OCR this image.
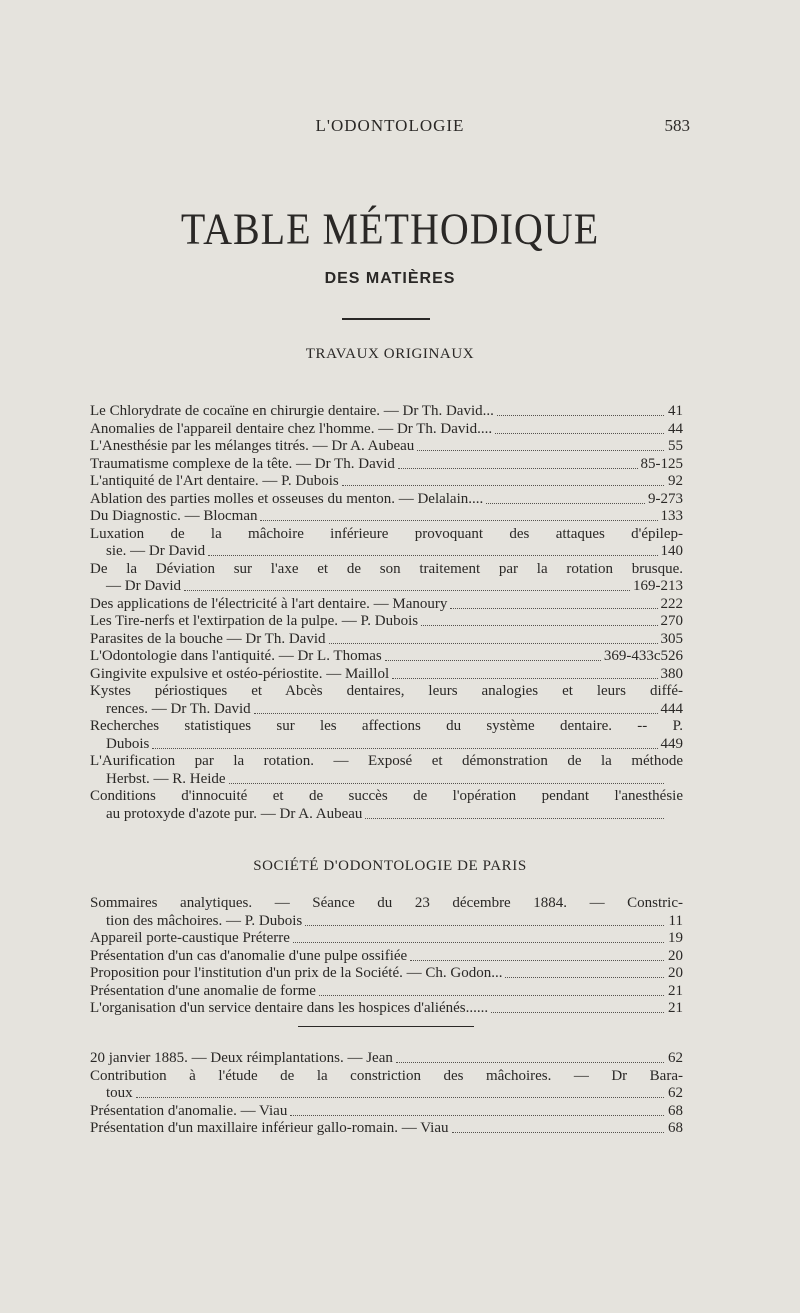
L'ODONTOLOGIE	583
TABLE MÉTHODIQUE
DES MATIÈRES
TRAVAUX ORIGINAUX
Le Chlorydrate de cocaïne en chirurgie dentaire. — Dr Th. David...	41
Anomalies de l'appareil dentaire chez l'homme. — Dr Th. David....	44
L'Anesthésie par les mélanges titrés. — Dr A. Aubeau	55
Traumatisme complexe de la tête. — Dr Th. David	85-125
L'antiquité de l'Art dentaire. — P. Dubois	92
Ablation des parties molles et osseuses du menton. — Delalain....	9-273
Du Diagnostic. — Blocman	133
Luxation de la mâchoire inférieure provoquant des attaques d'épilep-
sie. — Dr David	140
De la Déviation sur l'axe et de son traitement par la rotation brusque.
— Dr David	169-213
Des applications de l'électricité à l'art dentaire. — Manoury	222
Les Tire-nerfs et l'extirpation de la pulpe. — P. Dubois	270
Parasites de la bouche — Dr Th. David	305
L'Odontologie dans l'antiquité. — Dr L. Thomas	369-433c526
Gingivite expulsive et ostéo-périostite. — Maillol	380
Kystes périostiques et Abcès dentaires, leurs analogies et leurs diffé-
rences. — Dr Th. David	444
Recherches statistiques sur les affections du système dentaire. -- P.
Dubois	449
L'Aurification par la rotation. — Exposé et démonstration de la méthode
Herbst. — R. Heide
Conditions d'innocuité et de succès de l'opération pendant l'anesthésie
au protoxyde d'azote pur. — Dr A. Aubeau
SOCIÉTÉ D'ODONTOLOGIE DE PARIS
Sommaires analytiques. — Séance du 23 décembre 1884. — Constric-
tion des mâchoires. — P. Dubois	11
Appareil porte-caustique Préterre	19
Présentation d'un cas d'anomalie d'une pulpe ossifiée	20
Proposition pour l'institution d'un prix de la Société. — Ch. Godon...	20
Présentation d'une anomalie de forme	21
L'organisation d'un service dentaire dans les hospices d'aliénés......	21
20 janvier 1885. — Deux réimplantations. — Jean	62
Contribution à l'étude de la constriction des mâchoires. — Dr Bara-
toux	62
Présentation d'anomalie. — Viau	68
Présentation d'un maxillaire inférieur gallo-romain. — Viau	68
